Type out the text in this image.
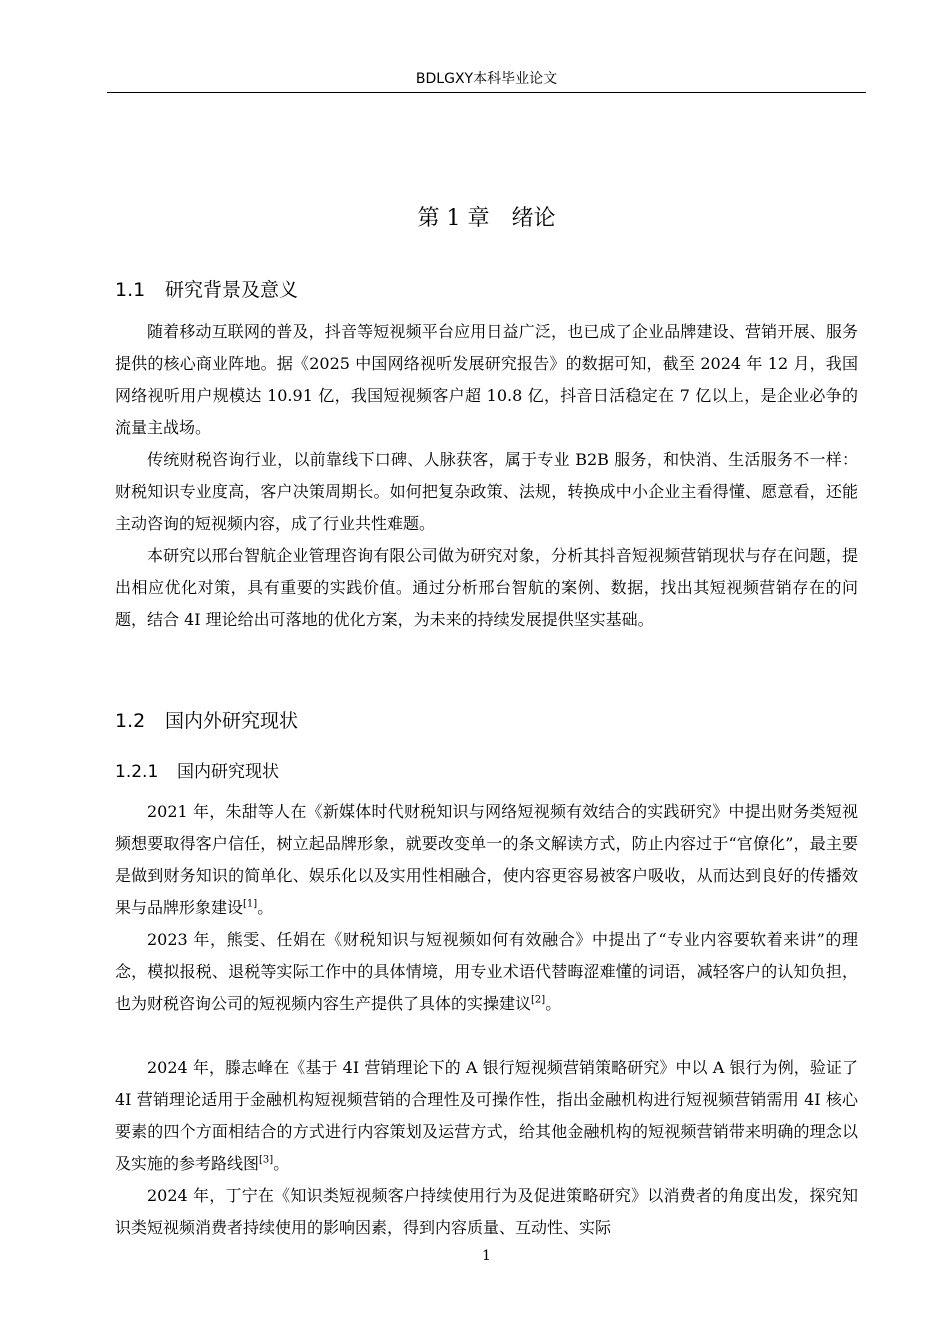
BDLGXY本科毕业论文
第 1 章 绪论
1.1 研究背景及意义

随着移动互联网的普及，抖音等短视频平台应用日益广泛，也已成了企业品牌建设、营销开展、服务提供的核心商业阵地。据《2025 中国网络视听发展研究报告》的数据可知，截至 2024 年 12 月，我国网络视听用户规模达 10.91 亿，我国短视频客户超 10.8 亿，抖音日活稳定在 7 亿以上，是企业必争的流量主战场。

传统财税咨询行业，以前靠线下口碑、人脉获客，属于专业 B2B 服务，和快消、生活服务不一样：财税知识专业度高，客户决策周期长。如何把复杂政策、法规，转换成中小企业主看得懂、愿意看，还能主动咨询的短视频内容，成了行业共性难题。

本研究以邢台智航企业管理咨询有限公司做为研究对象，分析其抖音短视频营销现状与存在问题，提出相应优化对策，具有重要的实践价值。通过分析邢台智航的案例、数据，找出其短视频营销存在的问题，结合 4I 理论给出可落地的优化方案，为未来的持续发展提供坚实基础。

1.2 国内外研究现状
1.2.1 国内研究现状

2021 年，朱甜等人在《新媒体时代财税知识与网络短视频有效结合的实践研究》中提出财务类短视频想要取得客户信任，树立起品牌形象，就要改变单一的条文解读方式，防止内容过于“官僚化”，最主要是做到财务知识的简单化、娱乐化以及实用性相融合，使内容更容易被客户吸收，从而达到良好的传播效果与品牌形象建设[1]。

2023 年，熊雯、任娟在《财税知识与短视频如何有效融合》中提出了“专业内容要软着来讲”的理念，模拟报税、退税等实际工作中的具体情境，用专业术语代替晦涩难懂的词语，减轻客户的认知负担，也为财税咨询公司的短视频内容生产提供了具体的实操建议[2]。

2024 年，滕志峰在《基于 4I 营销理论下的 A 银行短视频营销策略研究》中以 A 银行为例，验证了 4I 营销理论适用于金融机构短视频营销的合理性及可操作性，指出金融机构进行短视频营销需用 4I 核心要素的四个方面相结合的方式进行内容策划及运营方式，给其他金融机构的短视频营销带来明确的理念以及实施的参考路线图[3]。

2024 年，丁宁在《知识类短视频客户持续使用行为及促进策略研究》以消费者的角度出发，探究知识类短视频消费者持续使用的影响因素，得到内容质量、互动性、实际

1
